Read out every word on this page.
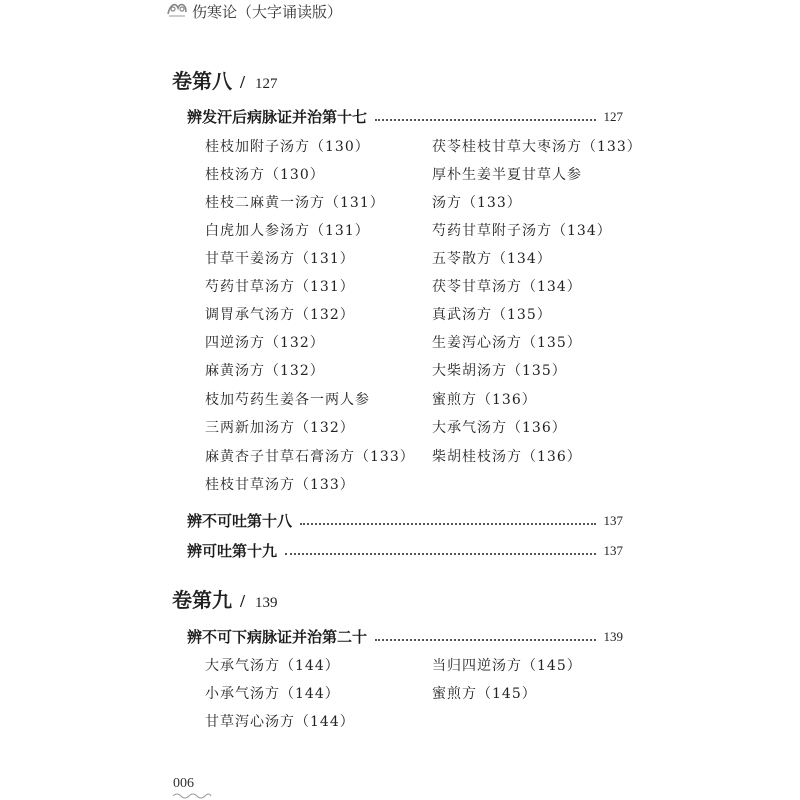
伤寒论（大字诵读版）
卷第八 / 127
辨发汗后病脉证并治第十七	127
桂枝加附子汤方（130）
桂枝汤方（130）
桂枝二麻黄一汤方（131）
白虎加人参汤方（131）
甘草干姜汤方（131）
芍药甘草汤方（131）
调胃承气汤方（132）
四逆汤方（132）
麻黄汤方（132）
枝加芍药生姜各一两人参
三两新加汤方（132）
麻黄杏子甘草石膏汤方（133）
桂枝甘草汤方（133）
茯苓桂枝甘草大枣汤方（133）
厚朴生姜半夏甘草人参
汤方（133）
芍药甘草附子汤方（134）
五苓散方（134）
茯苓甘草汤方（134）
真武汤方（135）
生姜泻心汤方（135）
大柴胡汤方（135）
蜜煎方（136）
大承气汤方（136）
柴胡桂枝汤方（136）
辨不可吐第十八	137
辨可吐第十九	137
卷第九 / 139
辨不可下病脉证并治第二十	139
大承气汤方（144）
小承气汤方（144）
甘草泻心汤方（144）
当归四逆汤方（145）
蜜煎方（145）
006
